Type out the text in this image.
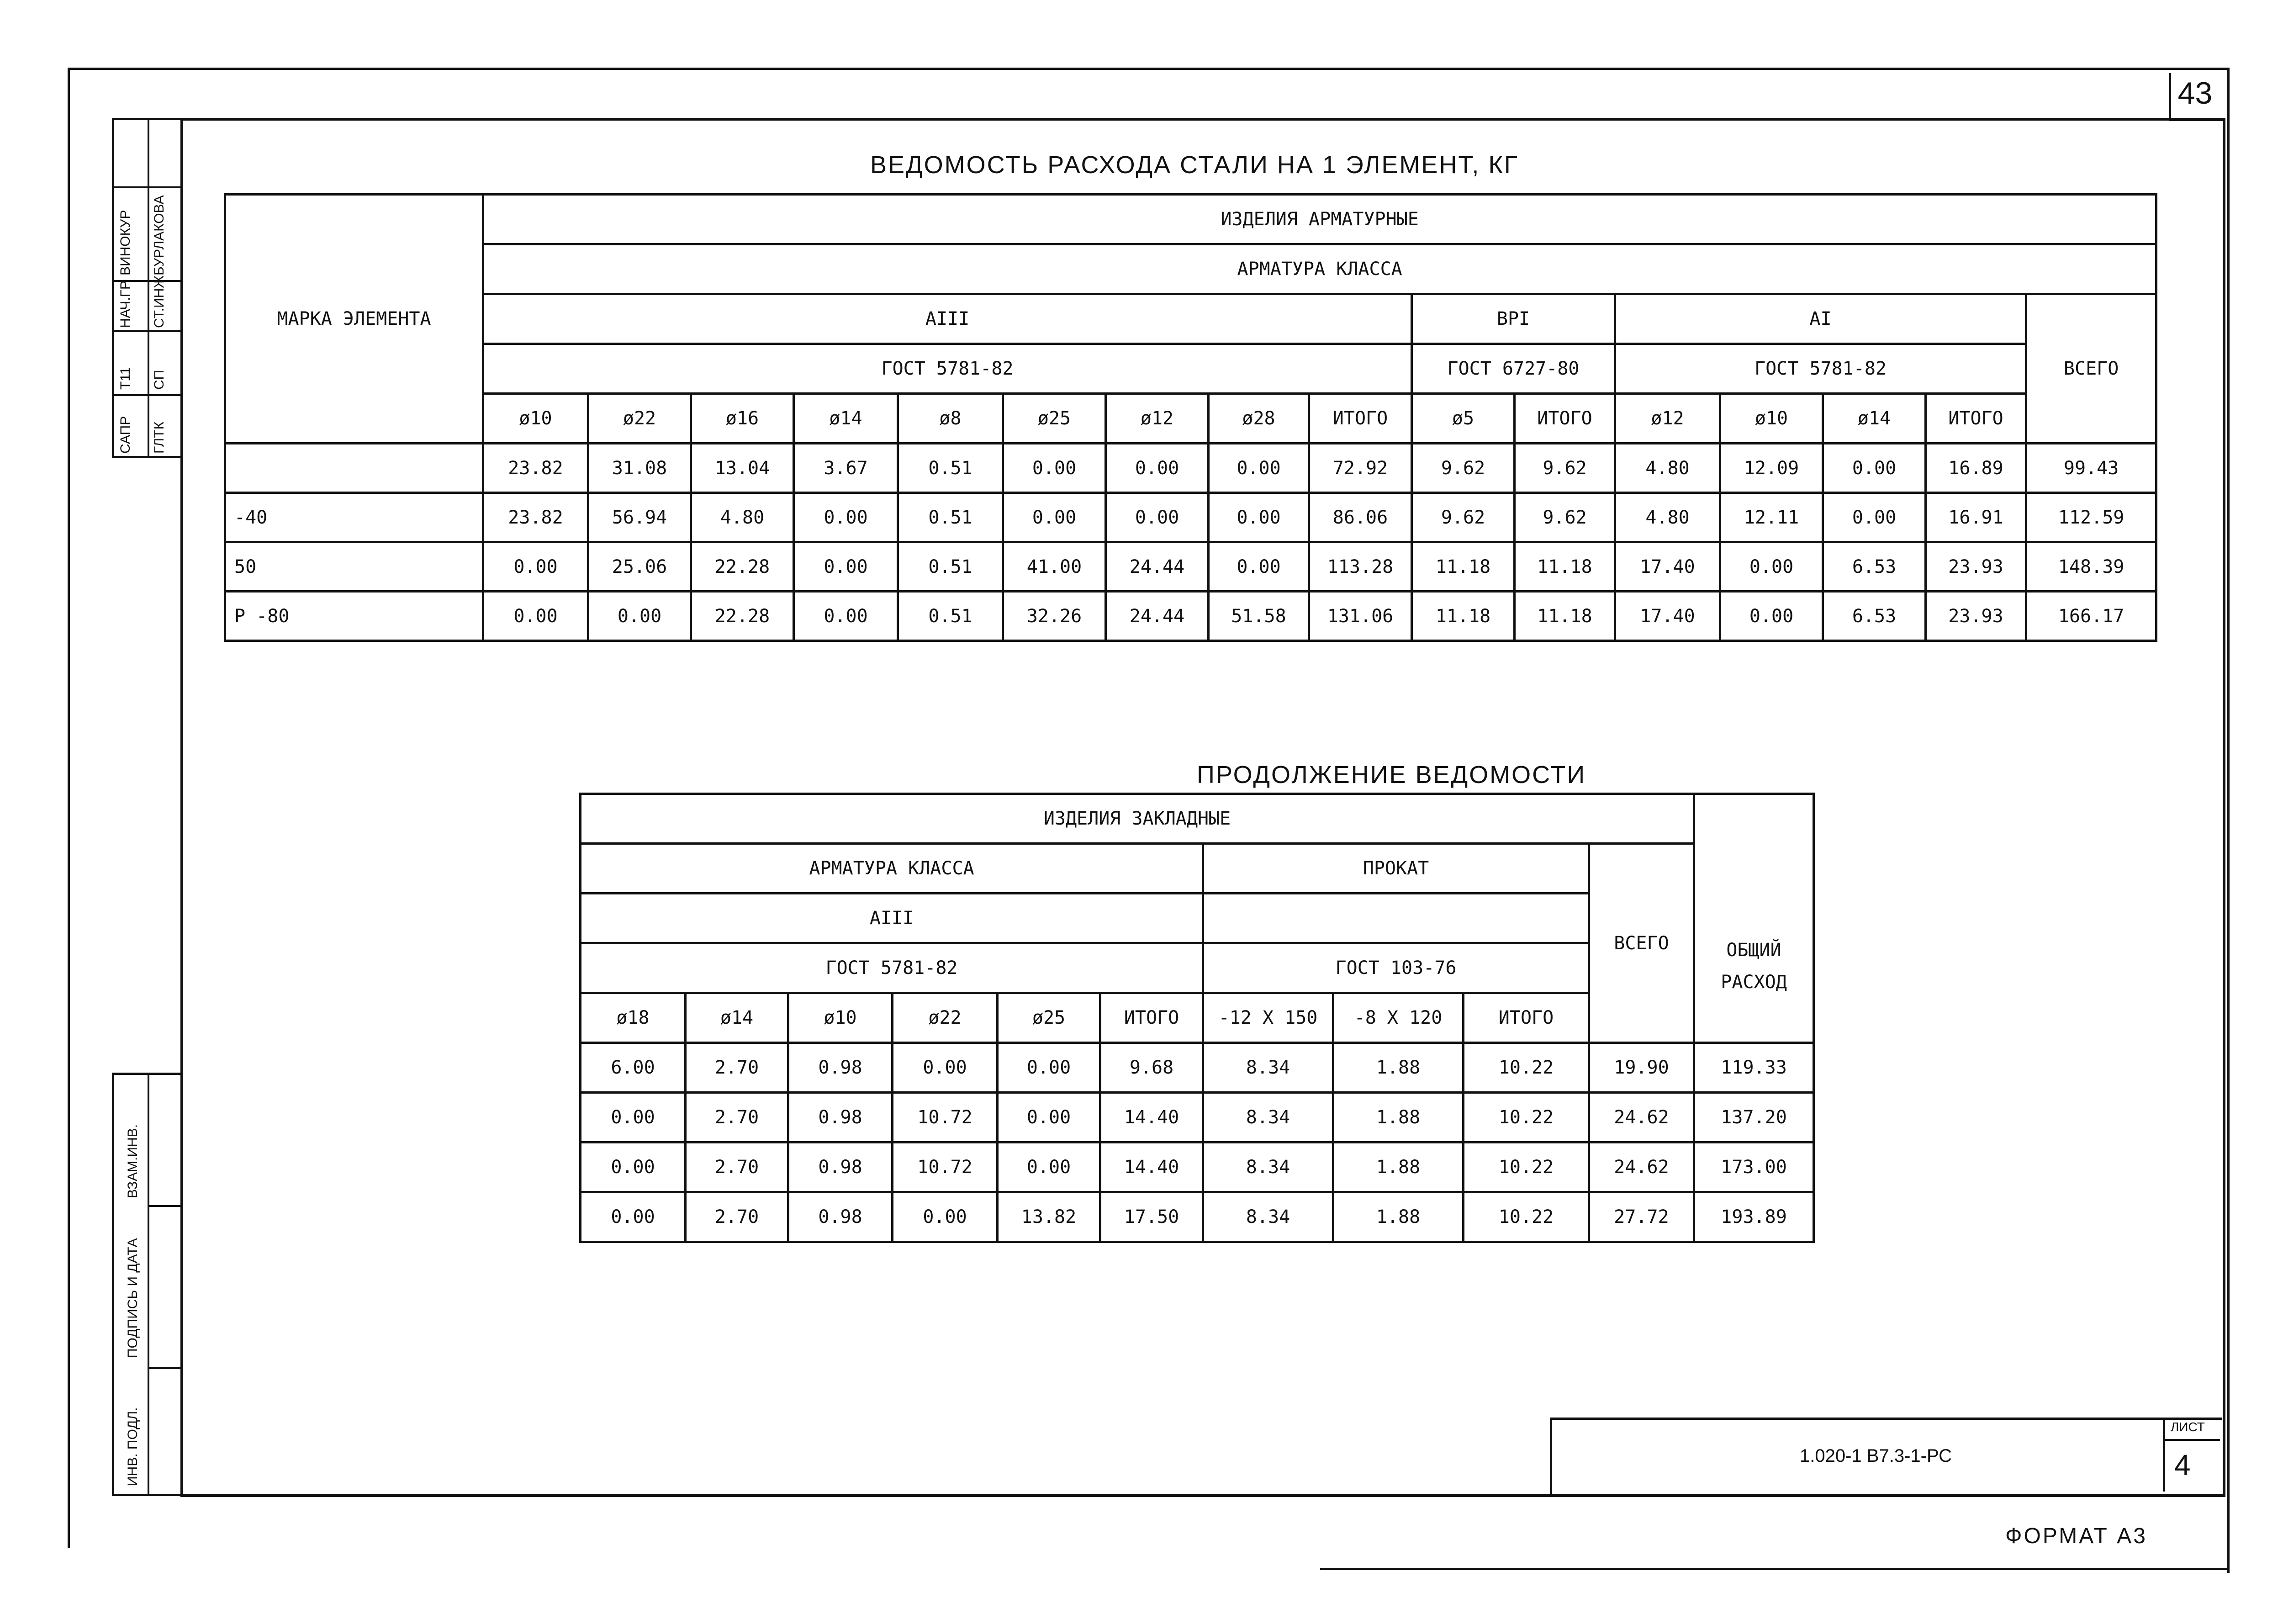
43
САПР
Т11
НАЧ.ГР
ВИНОКУР
ГЛТК
СП
СТ.ИНЖ
БУРЛАКОВА
ВЗАМ.ИНВ.
ПОДПИСЬ И ДАТА
ИНВ. ПОДЛ.
ВЕДОМОСТЬ РАСХОДА СТАЛИ НА 1 ЭЛЕМЕНТ, КГ
МАРКА ЭЛЕМЕНТА	ИЗДЕЛИЯ АРМАТУРНЫЕ															
	АРМАТУРА КЛАССА															
	AIII									ВРI		AI				ВСЕГО
	ГОСТ 5781-82									ГОСТ 6727-80		ГОСТ 5781-82				
	ø10	ø22	ø16	ø14	ø8	ø25	ø12	ø28	ИТОГО	ø5	ИТОГО	ø12	ø10	ø14	ИТОГО	
	23.82	31.08	13.04	3.67	0.51	0.00	0.00	0.00	72.92	9.62	9.62	4.80	12.09	0.00	16.89	99.43
-40	23.82	56.94	4.80	0.00	0.51	0.00	0.00	0.00	86.06	9.62	9.62	4.80	12.11	0.00	16.91	112.59
50	0.00	25.06	22.28	0.00	0.51	41.00	24.44	0.00	113.28	11.18	11.18	17.40	0.00	6.53	23.93	148.39
Р -80	0.00	0.00	22.28	0.00	0.51	32.26	24.44	51.58	131.06	11.18	11.18	17.40	0.00	6.53	23.93	166.17
ПРОДОЛЖЕНИЕ ВЕДОМОСТИ
ИЗДЕЛИЯ ЗАКЛАДНЫЕ										ОБЩИЙ РАСХОД
АРМАТУРА КЛАССА						ПРОКАТ			ВСЕГО	
AIII										
ГОСТ 5781-82						ГОСТ 103-76				
ø18	ø14	ø10	ø22	ø25	ИТОГО	-12 Х 150	-8 Х 120	ИТОГО		
6.00	2.70	0.98	0.00	0.00	9.68	8.34	1.88	10.22	19.90	119.33
0.00	2.70	0.98	10.72	0.00	14.40	8.34	1.88	10.22	24.62	137.20
0.00	2.70	0.98	10.72	0.00	14.40	8.34	1.88	10.22	24.62	173.00
0.00	2.70	0.98	0.00	13.82	17.50	8.34	1.88	10.22	27.72	193.89
1.020-1 В7.3-1-РС
ЛИСТ
4
ФОРМАТ А3
